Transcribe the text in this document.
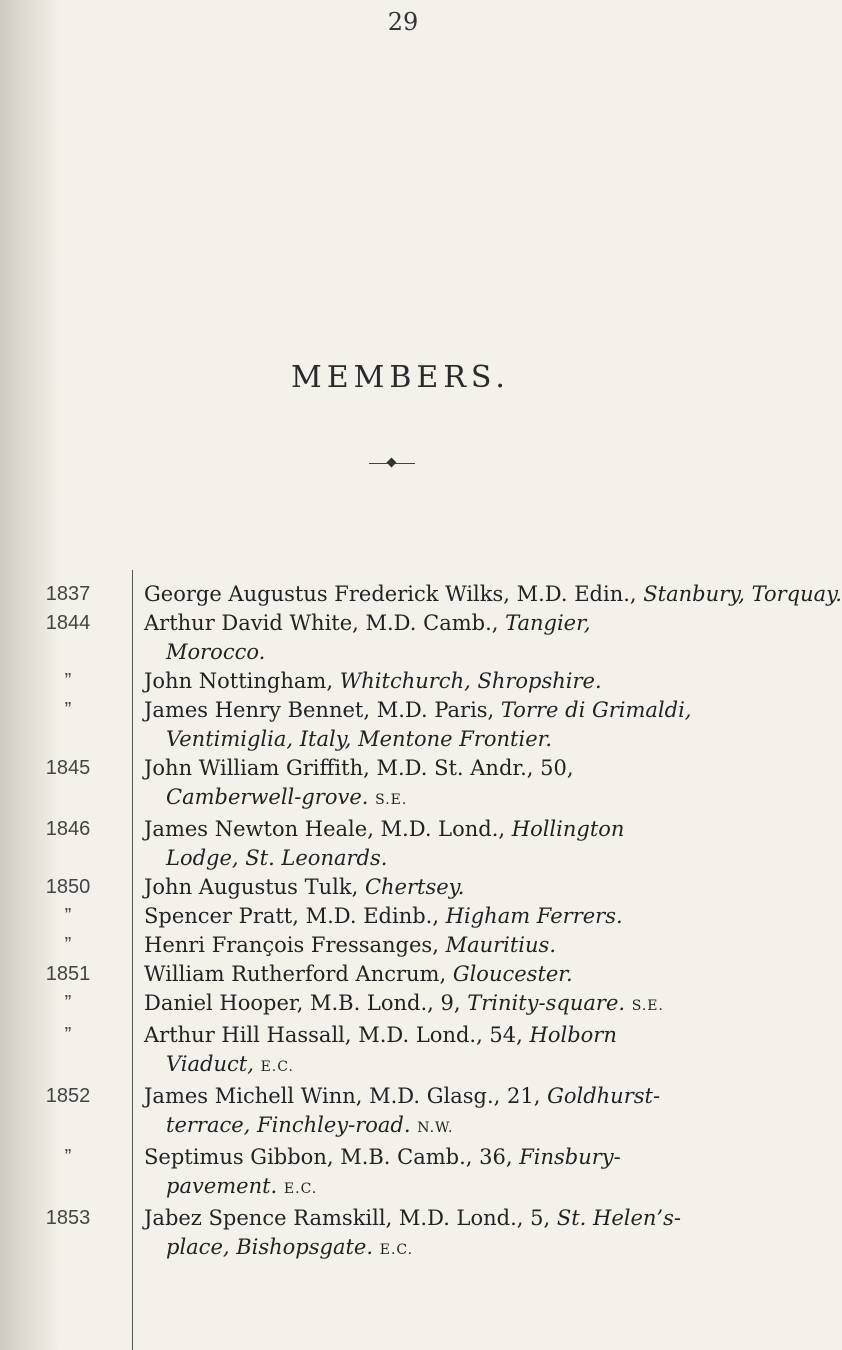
29
MEMBERS.
1837	George Augustus Frederick Wilks, M.D. Edin., Stanbury, Torquay.
1844	Arthur David White, M.D. Camb., Tangier,
Morocco.
”	John Nottingham, Whitchurch, Shropshire.
”	James Henry Bennet, M.D. Paris, Torre di Grimaldi,
Ventimiglia, Italy, Mentone Frontier.
1845	John William Griffith, M.D. St. Andr., 50,
Camberwell-grove. S.E.
1846	James Newton Heale, M.D. Lond., Hollington
Lodge, St. Leonards.
1850	John Augustus Tulk, Chertsey.
”	Spencer Pratt, M.D. Edinb., Higham Ferrers.
”	Henri François Fressanges, Mauritius.
1851	William Rutherford Ancrum, Gloucester.
”	Daniel Hooper, M.B. Lond., 9, Trinity-square. S.E.
”	Arthur Hill Hassall, M.D. Lond., 54, Holborn
Viaduct, E.C.
1852	James Michell Winn, M.D. Glasg., 21, Goldhurst-
terrace, Finchley-road. N.W.
”	Septimus Gibbon, M.B. Camb., 36, Finsbury-
pavement. E.C.
1853	Jabez Spence Ramskill, M.D. Lond., 5, St. Helen’s-
place, Bishopsgate. E.C.
